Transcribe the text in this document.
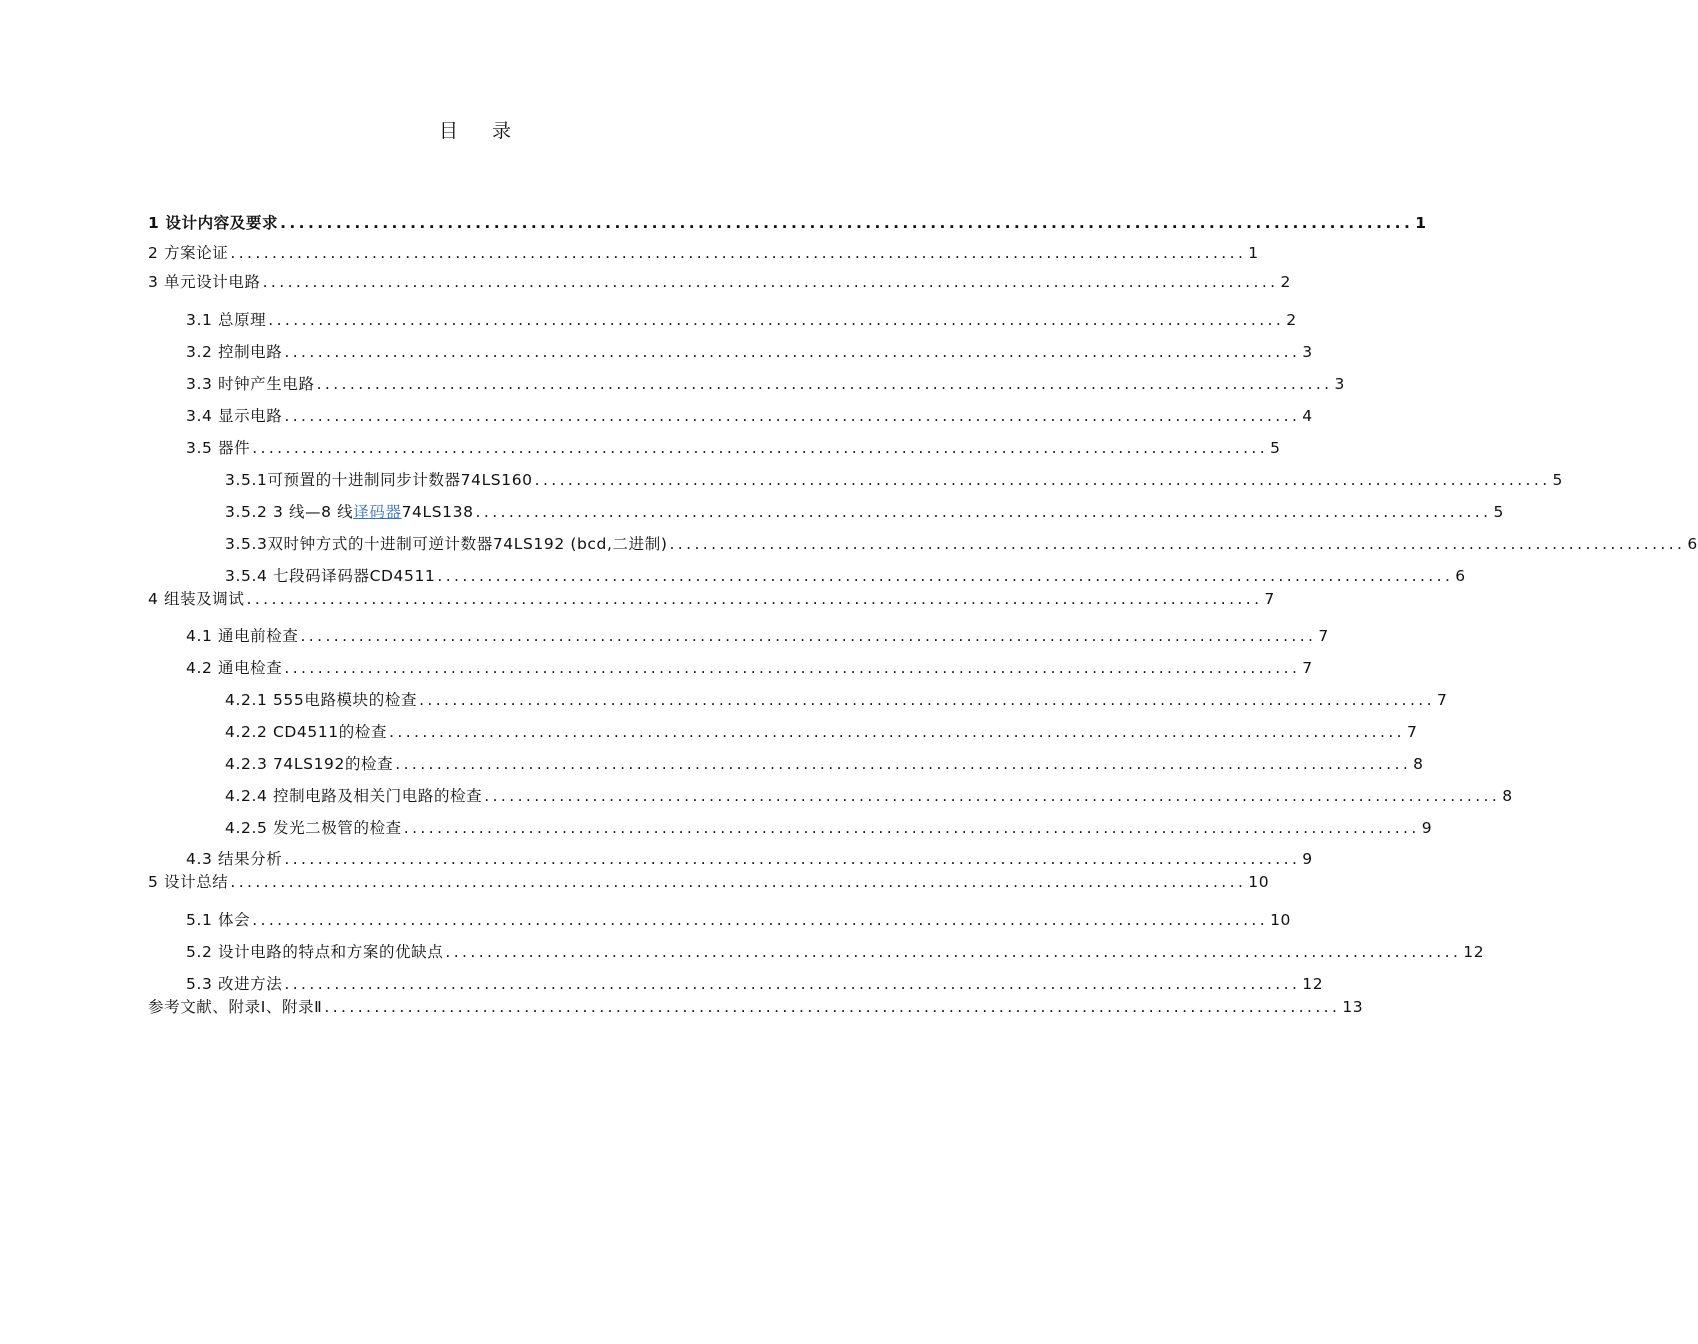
目 录
1 设计内容及要求 .......................................................................................................................... 1
2 方案论证 .......................................................................................................................... 1
3 单元设计电路 .......................................................................................................................... 2
3.1 总原理 .......................................................................................................................... 2
3.2 控制电路 .......................................................................................................................... 3
3.3 时钟产生电路 .......................................................................................................................... 3
3.4 显示电路 .......................................................................................................................... 4
3.5 器件 .......................................................................................................................... 5
3.5.1可预置的十进制同步计数器74LS160 .......................................................................................................................... 5
3.5.2 3 线—8 线译码器74LS138 .......................................................................................................................... 5
3.5.3双时钟方式的十进制可逆计数器74LS192 (bcd,二进制) .......................................................................................................................... 6
3.5.4 七段码译码器CD4511 .......................................................................................................................... 6
4 组装及调试 .......................................................................................................................... 7
4.1 通电前检查 .......................................................................................................................... 7
4.2 通电检查 .......................................................................................................................... 7
4.2.1 555电路模块的检查 .......................................................................................................................... 7
4.2.2 CD4511的检查 .......................................................................................................................... 7
4.2.3 74LS192的检查 .......................................................................................................................... 8
4.2.4 控制电路及相关门电路的检查 .......................................................................................................................... 8
4.2.5 发光二极管的检查 .......................................................................................................................... 9
4.3 结果分析 .......................................................................................................................... 9
5 设计总结 .......................................................................................................................... 10
5.1 体会 .......................................................................................................................... 10
5.2 设计电路的特点和方案的优缺点 .......................................................................................................................... 12
5.3 改进方法 .......................................................................................................................... 12
参考文献、附录Ⅰ、附录Ⅱ .......................................................................................................................... 13
